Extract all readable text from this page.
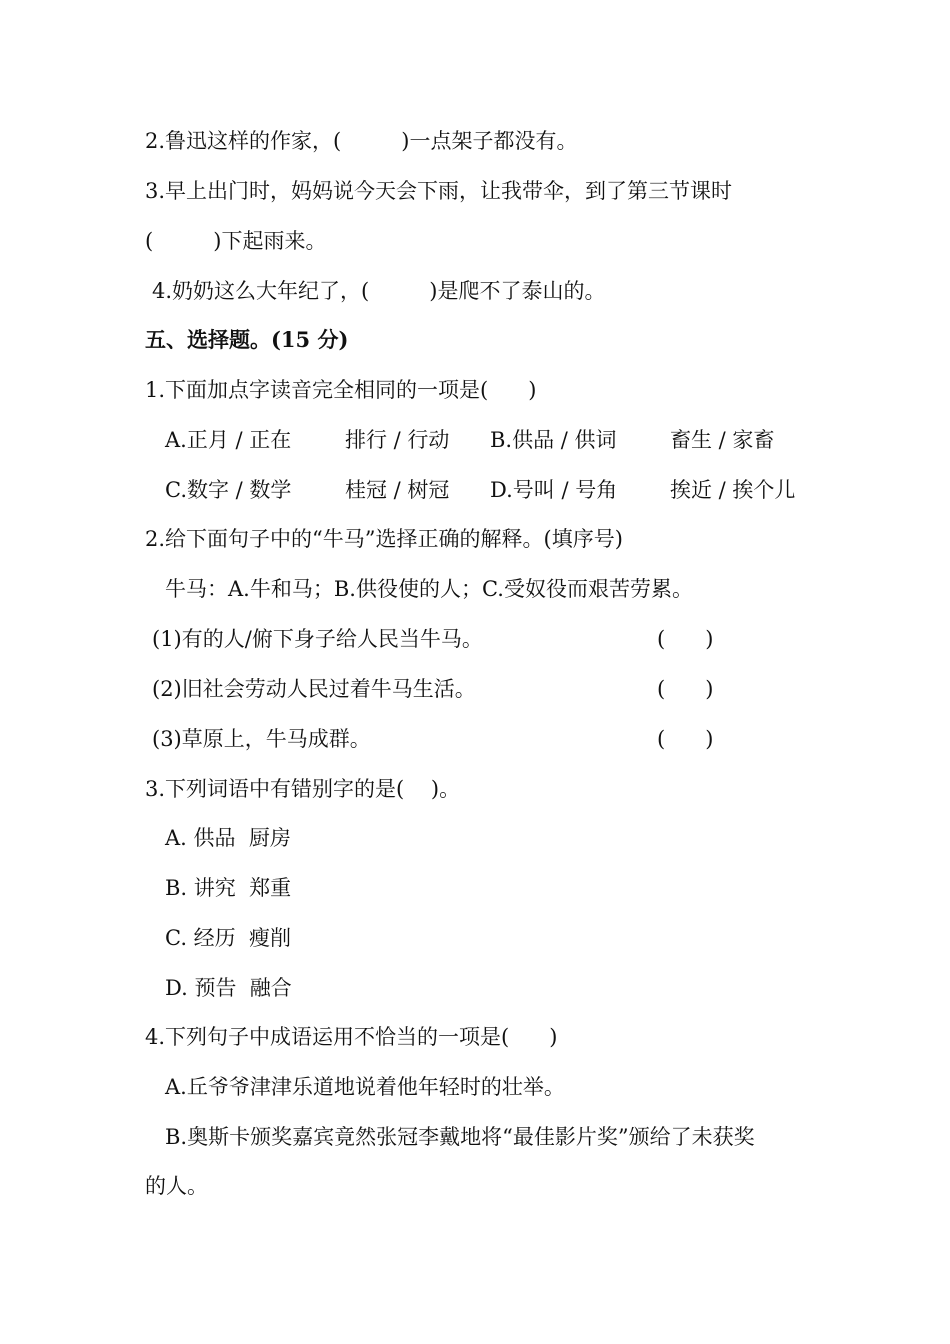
2.鲁迅这样的作家，(         )一点架子都没有。
3.早上出门时，妈妈说今天会下雨，让我带伞，到了第三节课时
(         )下起雨来。
4.奶奶这么大年纪了，(         )是爬不了泰山的。
五、选择题。(15 分)
1.下面加点字读音完全相同的一项是(      )
A.正月 / 正在	排行 / 行动 B.供品 / 供词	畜生 / 家畜
C.数字 / 数学	桂冠 / 树冠 D.号叫 / 号角	挨近 / 挨个儿
2.给下面句子中的“牛马”选择正确的解释。(填序号)
牛马：A.牛和马；B.供役使的人；C.受奴役而艰苦劳累。
(1)有的人/俯下身子给人民当牛马。	(      )
(2)旧社会劳动人民过着牛马生活。	(      )
(3)草原上，牛马成群。	(      )
3.下列词语中有错别字的是(    )。
A. 供品  厨房
B. 讲究  郑重
C. 经历  瘦削
D. 预告  融合
4.下列句子中成语运用不恰当的一项是(      )
A.丘爷爷津津乐道地说着他年轻时的壮举。
B.奥斯卡颁奖嘉宾竟然张冠李戴地将“最佳影片奖”颁给了未获奖
的人。
